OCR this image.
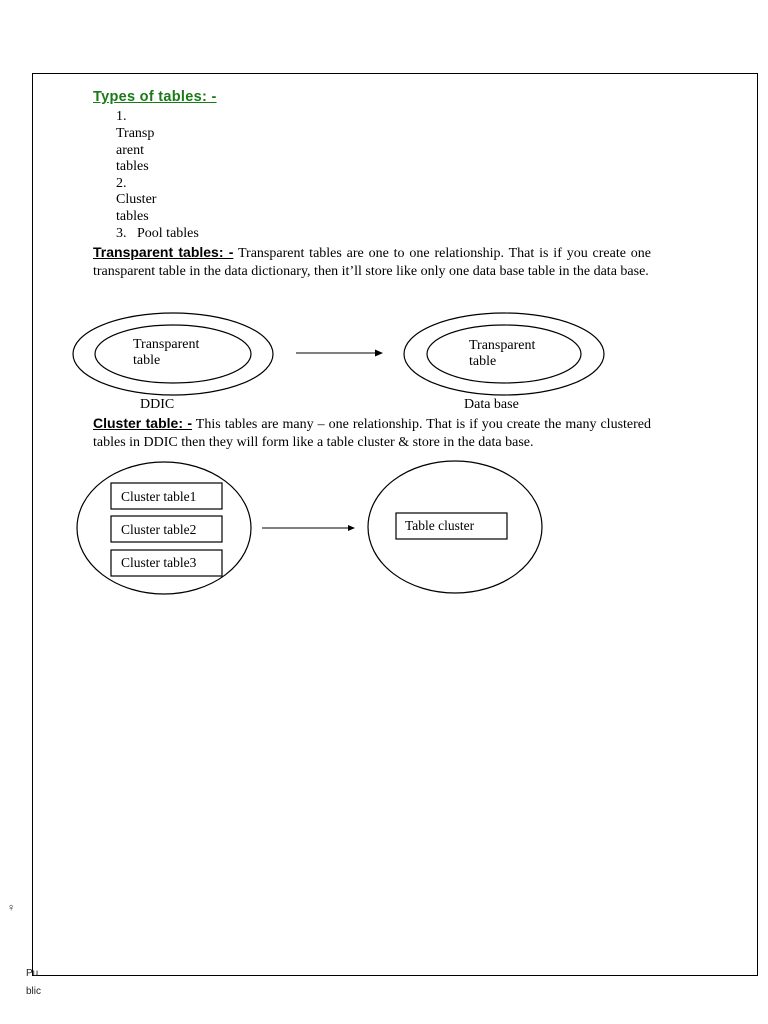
Types of tables: -
1.
Transp
arent
tables
2.
Cluster
tables
3.   Pool tables
Transparent tables: - Transparent tables are one to one relationship. That is if you create one transparent table in the data dictionary, then it’ll store like only one data base table in the data base.
Transparent
table
Transparent
table
DDIC	Data base
Cluster table: - This tables are many – one relationship. That is if you create the many clustered tables in DDIC then they will form like a table cluster & store in the data base.
Cluster table1
Cluster table2
Cluster table3
Table cluster
♀
Pu
blic
